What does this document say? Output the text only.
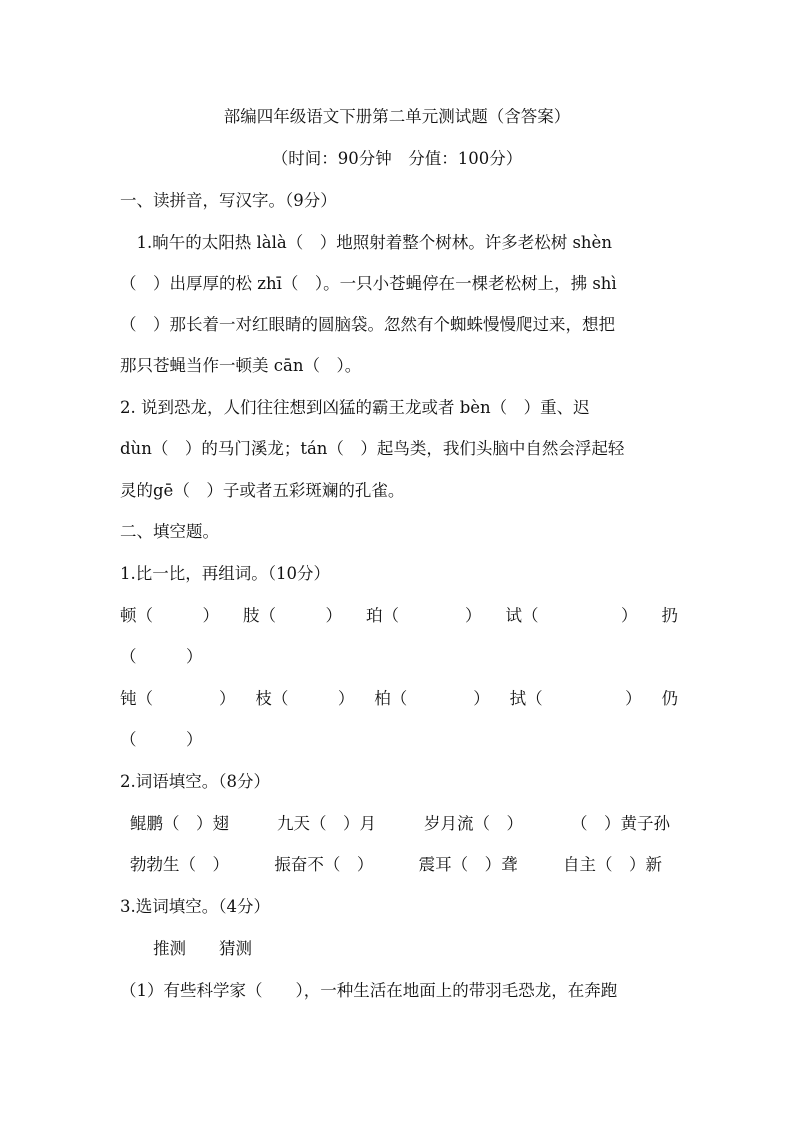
部编四年级语文下册第二单元测试题（含答案）
（时间：90分钟　分值：100分）
一、读拼音，写汉字。（9分）
　1.晌午的太阳热 làlà（　）地照射着整个树林。许多老松树 shèn
（　）出厚厚的松 zhī（　）。一只小苍蝇停在一棵老松树上，拂 shì
（　）那长着一对红眼睛的圆脑袋。忽然有个蜘蛛慢慢爬过来，想把
那只苍蝇当作一顿美 cān（　）。
2. 说到恐龙，人们往往想到凶猛的霸王龙或者 bèn（　）重、迟
dùn（　）的马门溪龙；tán（　）起鸟类，我们头脑中自然会浮起轻
灵的gē（　）子或者五彩斑斓的孔雀。
二、填空题。
1.比一比，再组词。（10分）
顿（　　　） 肢（　　　） 珀（　　　　） 试（　　　　　） 扔
（　　　）
钝（　　　　） 枝（　　　） 柏（　　　　） 拭（　　　　　） 仍
（　　　）
2.词语填空。（8分）
鲲鹏（　）翅	九天（　）月	岁月流（　）	（　）黄子孙
勃勃生（　）	振奋不（　）	震耳（　）聋	自主（　）新
3.选词填空。（4分）
　　推测　　猜测
（1）有些科学家（　　），一种生活在地面上的带羽毛恐龙，在奔跑
